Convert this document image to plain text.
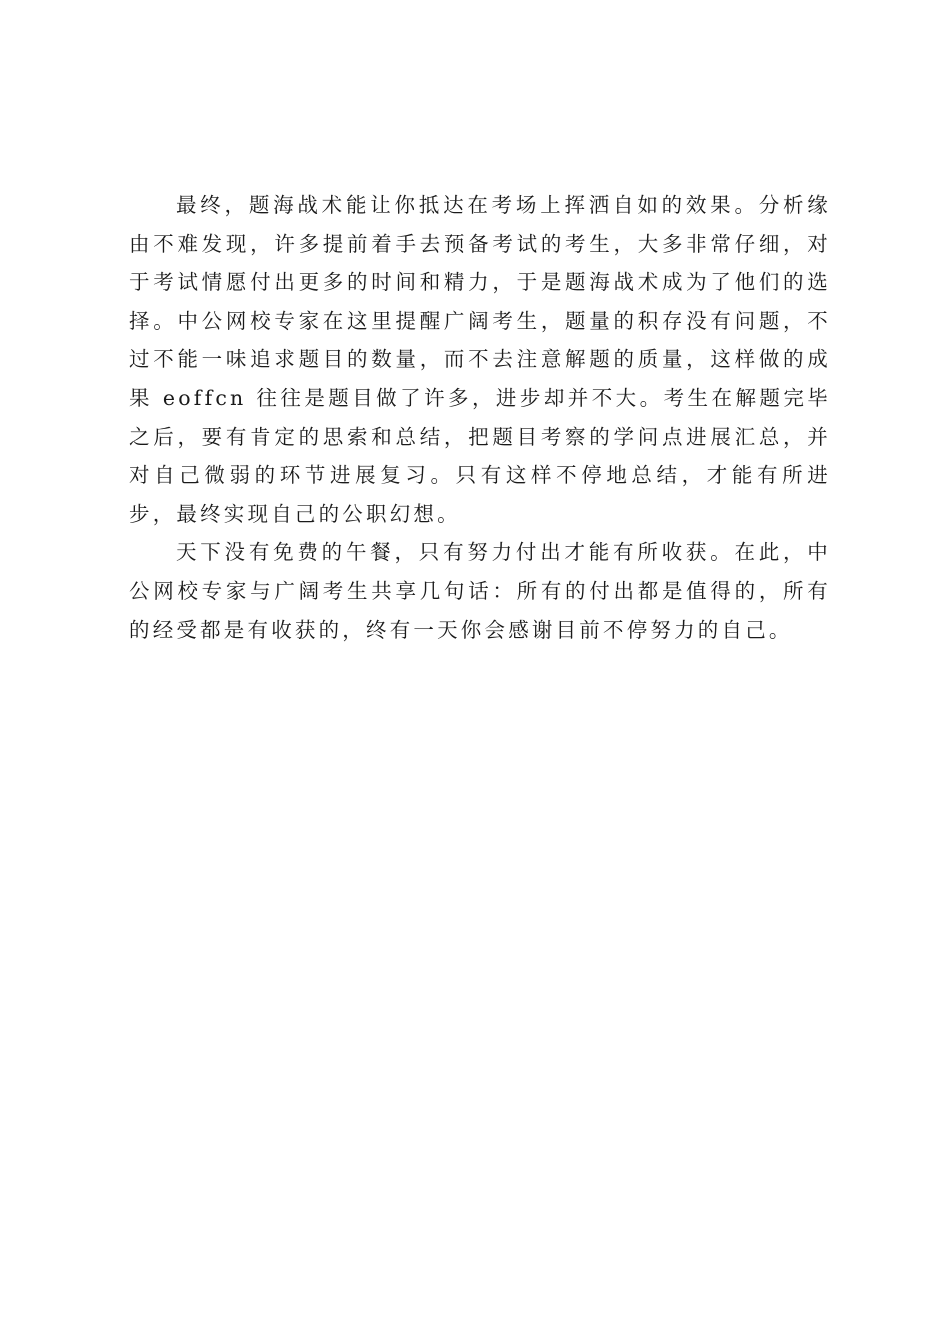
最终，题海战术能让你抵达在考场上挥洒自如的效果。分析缘由不难发现，许多提前着手去预备考试的考生，大多非常仔细，对于考试情愿付出更多的时间和精力，于是题海战术成为了他们的选择。中公网校专家在这里提醒广阔考生，题量的积存没有问题，不过不能一味追求题目的数量，而不去注意解题的质量，这样做的成果 eoffcn 往往是题目做了许多，进步却并不大。考生在解题完毕之后，要有肯定的思索和总结，把题目考察的学问点进展汇总，并对自己微弱的环节进展复习。只有这样不停地总结，才能有所进步，最终实现自己的公职幻想。

天下没有免费的午餐，只有努力付出才能有所收获。在此，中公网校专家与广阔考生共享几句话：所有的付出都是值得的，所有的经受都是有收获的，终有一天你会感谢目前不停努力的自己。
